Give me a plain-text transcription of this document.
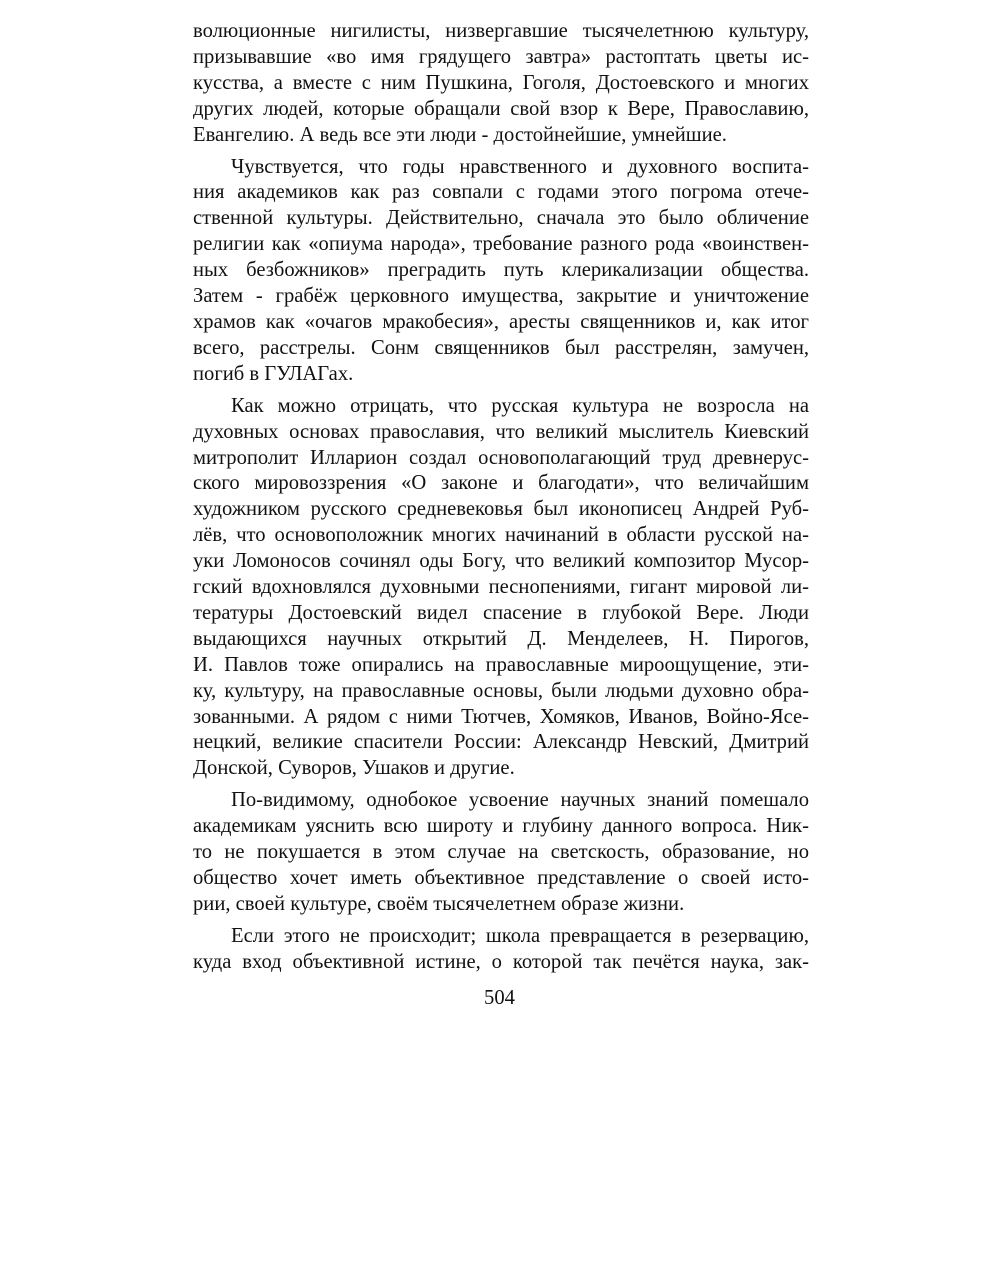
волюционные нигилисты, низвергавшие тысячелетнюю культуру,
призывавшие «во имя грядущего завтра» растоптать цветы ис-
кусства, а вместе с ним Пушкина, Гоголя, Достоевского и многих
других людей, которые обращали свой взор к Вере, Православию,
Евангелию. А ведь все эти люди - достойнейшие, умнейшие.

Чувствуется, что годы нравственного и духовного воспита-
ния академиков как раз совпали с годами этого погрома отече-
ственной культуры. Действительно, сначала это было обличение
религии как «опиума народа», требование разного рода «воинствен-
ных безбожников» преградить путь клерикализации общества.
Затем - грабёж церковного имущества, закрытие и уничтожение
храмов как «очагов мракобесия», аресты священников и, как итог
всего, расстрелы. Сонм священников был расстрелян, замучен,
погиб в ГУЛАГах.

Как можно отрицать, что русская культура не возросла на
духовных основах православия, что великий мыслитель Киевский
митрополит Илларион создал основополагающий труд древнерус-
ского мировоззрения «О законе и благодати», что величайшим
художником русского средневековья был иконописец Андрей Руб-
лёв, что основоположник многих начинаний в области русской на-
уки Ломоносов сочинял оды Богу, что великий композитор Мусор-
гский вдохновлялся духовными песнопениями, гигант мировой ли-
тературы Достоевский видел спасение в глубокой Вере. Люди
выдающихся научных открытий Д. Менделеев, Н. Пирогов,
И. Павлов тоже опирались на православные мироощущение, эти-
ку, культуру, на православные основы, были людьми духовно обра-
зованными. А рядом с ними Тютчев, Хомяков, Иванов, Войно-Ясе-
нецкий, великие спасители России: Александр Невский, Дмитрий
Донской, Суворов, Ушаков и другие.

По-видимому, однобокое усвоение научных знаний помешало
академикам уяснить всю широту и глубину данного вопроса. Ник-
то не покушается в этом случае на светскость, образование, но
общество хочет иметь объективное представление о своей исто-
рии, своей культуре, своём тысячелетнем образе жизни.

Если этого не происходит; школа превращается в резервацию,
куда вход объективной истине, о которой так печётся наука, зак-

504
